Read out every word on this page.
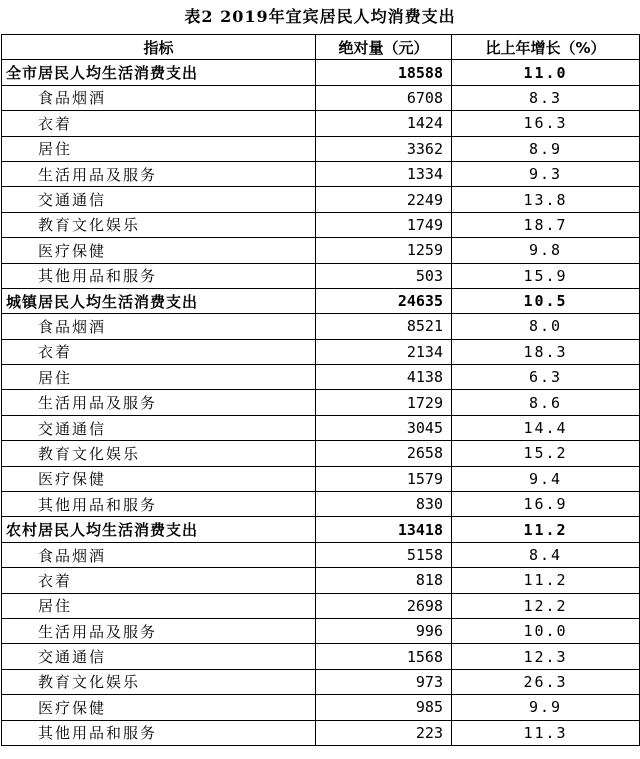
表2 2019年宜宾居民人均消费支出
指标	绝对量（元）	比上年增长（%）
全市居民人均生活消费支出	18588	11.0
食品烟酒	6708	8.3
衣着	1424	16.3
居住	3362	8.9
生活用品及服务	1334	9.3
交通通信	2249	13.8
教育文化娱乐	1749	18.7
医疗保健	1259	9.8
其他用品和服务	503	15.9
城镇居民人均生活消费支出	24635	10.5
食品烟酒	8521	8.0
衣着	2134	18.3
居住	4138	6.3
生活用品及服务	1729	8.6
交通通信	3045	14.4
教育文化娱乐	2658	15.2
医疗保健	1579	9.4
其他用品和服务	830	16.9
农村居民人均生活消费支出	13418	11.2
食品烟酒	5158	8.4
衣着	818	11.2
居住	2698	12.2
生活用品及服务	996	10.0
交通通信	1568	12.3
教育文化娱乐	973	26.3
医疗保健	985	9.9
其他用品和服务	223	11.3
